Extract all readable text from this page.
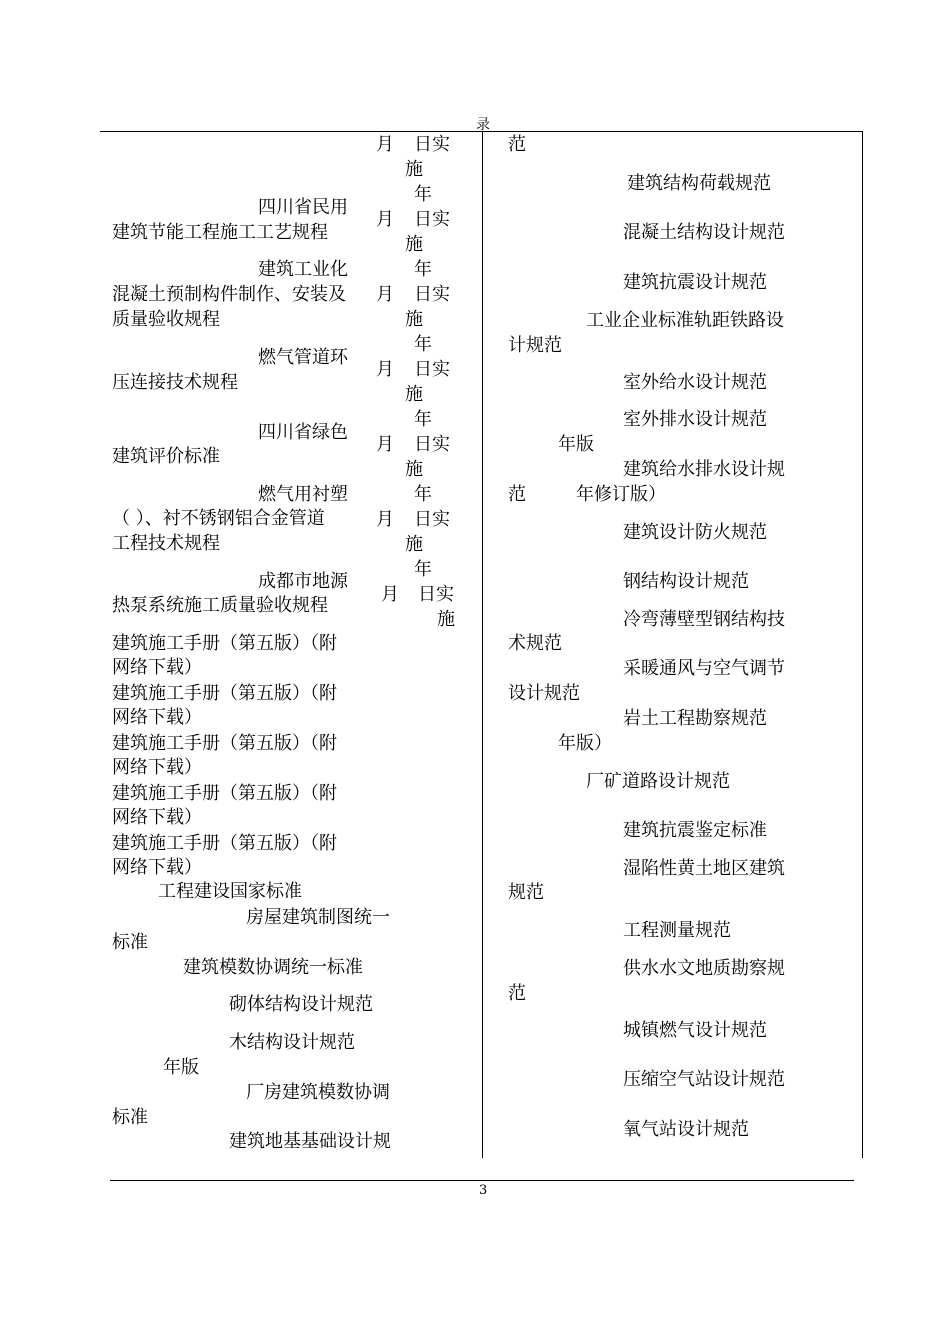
录
月 日实
施
年
月 日实
施
年
月 日实
施
年
月 日实
施
年
月 日实
施
年
月 日实
施
年
月 日实
施
四川省民用
建筑节能工程施工工艺规程
建筑工业化
混凝土预制构件制作、安装及
质量验收规程
燃气管道环
压连接技术规程
四川省绿色
建筑评价标准
燃气用衬塑
（ ）、衬不锈钢铝合金管道
工程技术规程
成都市地源
热泵系统施工质量验收规程
建筑施工手册（第五版）（附
网络下载）
建筑施工手册（第五版）（附
网络下载）
建筑施工手册（第五版）（附
网络下载）
建筑施工手册（第五版）（附
网络下载）
建筑施工手册（第五版）（附
网络下载）
工程建设国家标准
房屋建筑制图统一
标准
建筑模数协调统一标准
砌体结构设计规范
木结构设计规范
年版
厂房建筑模数协调
标准
建筑地基基础设计规
范
建筑结构荷载规范
混凝土结构设计规范
建筑抗震设计规范
工业企业标准轨距铁路设
计规范
室外给水设计规范
室外排水设计规范
年版
建筑给水排水设计规
范	年修订版）
建筑设计防火规范
钢结构设计规范
冷弯薄壁型钢结构技
术规范
采暖通风与空气调节
设计规范
岩土工程勘察规范
年版）
厂矿道路设计规范
建筑抗震鉴定标准
湿陷性黄土地区建筑
规范
工程测量规范
供水水文地质勘察规
范
城镇燃气设计规范
压缩空气站设计规范
氧气站设计规范
3
